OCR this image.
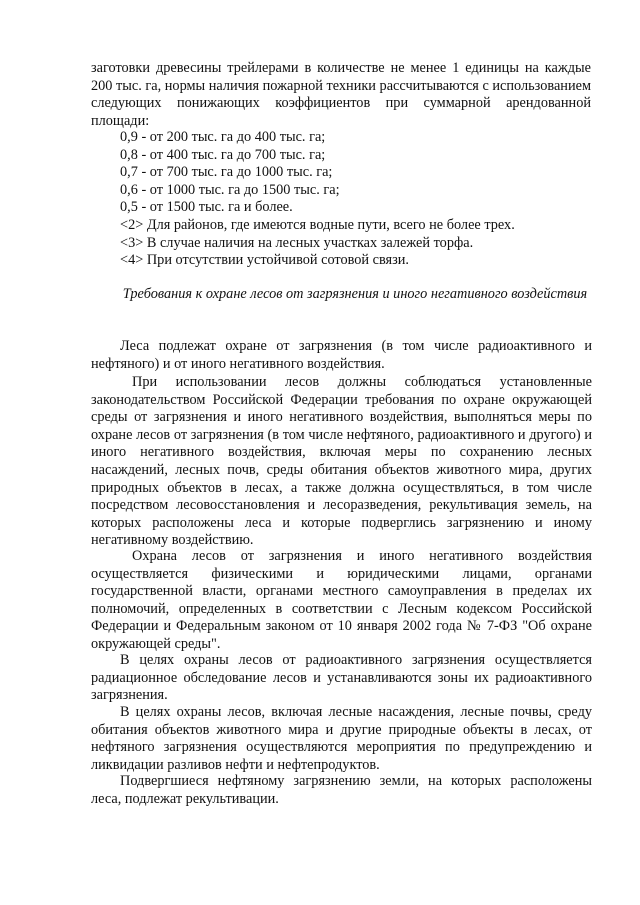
заготовки древесины трейлерами в количестве не менее 1 единицы на каждые 200 тыс. га, нормы наличия пожарной техники рассчитываются с использованием следующих понижающих коэффициентов при суммарной арендованной площади:
0,9 - от 200 тыс. га до 400 тыс. га;
0,8 - от 400 тыс. га до 700 тыс. га;
0,7 - от 700 тыс. га до 1000 тыс. га;
0,6 - от 1000 тыс. га до 1500 тыс. га;
0,5 - от 1500 тыс. га и более.
<2> Для районов, где имеются водные пути, всего не более трех.
<3> В случае наличия на лесных участках залежей торфа.
<4> При отсутствии устойчивой сотовой связи.
Требования к охране лесов от загрязнения и иного негативного воздействия
Леса подлежат охране от загрязнения (в том числе радиоактивного и нефтяного) и от иного негативного воздействия.
При использовании лесов должны соблюдаться установленные законодательством Российской Федерации требования по охране окружающей среды от загрязнения и иного негативного воздействия, выполняться меры по охране лесов от загрязнения (в том числе нефтяного, радиоактивного и другого) и иного негативного воздействия, включая меры по сохранению лесных насаждений, лесных почв, среды обитания объектов животного мира, других природных объектов в лесах, а также должна осуществляться, в том числе посредством лесовосстановления и лесоразведения, рекультивация земель, на которых расположены леса и которые подверглись загрязнению и иному негативному воздействию.
Охрана лесов от загрязнения и иного негативного воздействия осуществляется физическими и юридическими лицами, органами государственной власти, органами местного самоуправления в пределах их полномочий, определенных в соответствии с Лесным кодексом Российской Федерации и Федеральным законом от 10 января 2002 года № 7-ФЗ "Об охране окружающей среды".
В целях охраны лесов от радиоактивного загрязнения осуществляется радиационное обследование лесов и устанавливаются зоны их радиоактивного загрязнения.
В целях охраны лесов, включая лесные насаждения, лесные почвы, среду обитания объектов животного мира и другие природные объекты в лесах, от нефтяного загрязнения осуществляются мероприятия по предупреждению и ликвидации разливов нефти и нефтепродуктов.
Подвергшиеся нефтяному загрязнению земли, на которых расположены леса, подлежат рекультивации.
